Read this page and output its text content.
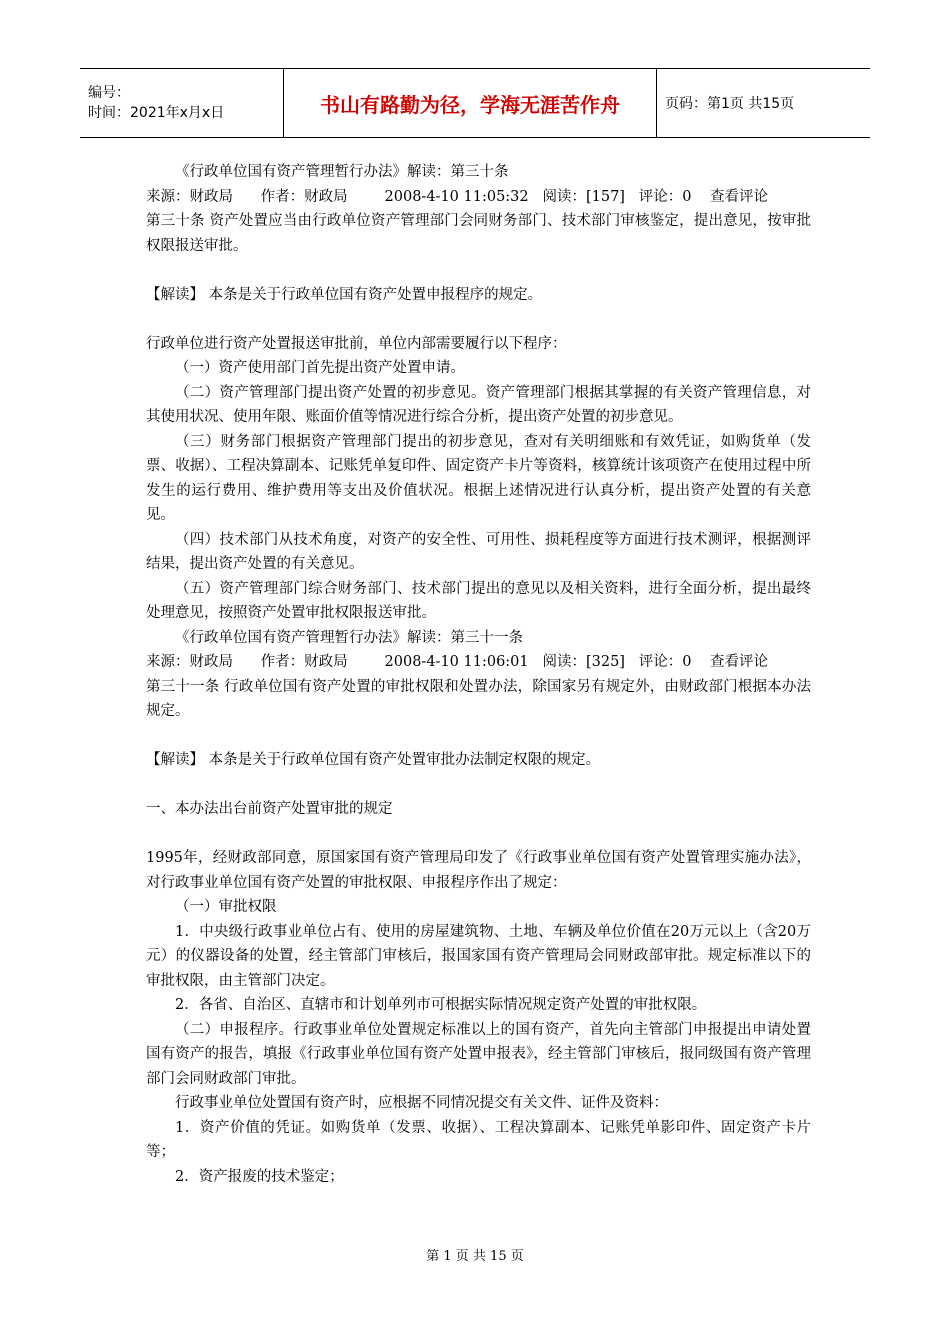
编号：
时间：2021年x月x日	书山有路勤为径，学海无涯苦作舟	页码：第1页 共15页

《行政单位国有资产管理暂行办法》解读：第三十条

来源：财政局      作者：财政局        2008-4-10 11:05:32   阅读：[157]   评论：0    查看评论

第三十条 资产处置应当由行政单位资产管理部门会同财务部门、技术部门审核鉴定，提出意见，按审批权限报送审批。

【解读】 本条是关于行政单位国有资产处置申报程序的规定。

行政单位进行资产处置报送审批前，单位内部需要履行以下程序：

（一）资产使用部门首先提出资产处置申请。

（二）资产管理部门提出资产处置的初步意见。资产管理部门根据其掌握的有关资产管理信息，对其使用状况、使用年限、账面价值等情况进行综合分析，提出资产处置的初步意见。

（三）财务部门根据资产管理部门提出的初步意见，查对有关明细账和有效凭证，如购货单（发票、收据）、工程决算副本、记账凭单复印件、固定资产卡片等资料，核算统计该项资产在使用过程中所发生的运行费用、维护费用等支出及价值状况。根据上述情况进行认真分析，提出资产处置的有关意见。

（四）技术部门从技术角度，对资产的安全性、可用性、损耗程度等方面进行技术测评，根据测评结果，提出资产处置的有关意见。

（五）资产管理部门综合财务部门、技术部门提出的意见以及相关资料，进行全面分析，提出最终处理意见，按照资产处置审批权限报送审批。

《行政单位国有资产管理暂行办法》解读：第三十一条

来源：财政局      作者：财政局        2008-4-10 11:06:01   阅读：[325]   评论：0    查看评论

第三十一条 行政单位国有资产处置的审批权限和处置办法，除国家另有规定外，由财政部门根据本办法规定。

【解读】 本条是关于行政单位国有资产处置审批办法制定权限的规定。

一、本办法出台前资产处置审批的规定

1995年，经财政部同意，原国家国有资产管理局印发了《行政事业单位国有资产处置管理实施办法》，对行政事业单位国有资产处置的审批权限、申报程序作出了规定：

（一）审批权限

1．中央级行政事业单位占有、使用的房屋建筑物、土地、车辆及单位价值在20万元以上（含20万元）的仪器设备的处置，经主管部门审核后，报国家国有资产管理局会同财政部审批。规定标准以下的审批权限，由主管部门决定。

2．各省、自治区、直辖市和计划单列市可根据实际情况规定资产处置的审批权限。

（二）申报程序。行政事业单位处置规定标准以上的国有资产，首先向主管部门申报提出申请处置国有资产的报告，填报《行政事业单位国有资产处置申报表》，经主管部门审核后，报同级国有资产管理部门会同财政部门审批。

行政事业单位处置国有资产时，应根据不同情况提交有关文件、证件及资料：

1．资产价值的凭证。如购货单（发票、收据）、工程决算副本、记账凭单影印件、固定资产卡片等；

2．资产报废的技术鉴定；

第 1 页 共 15 页
